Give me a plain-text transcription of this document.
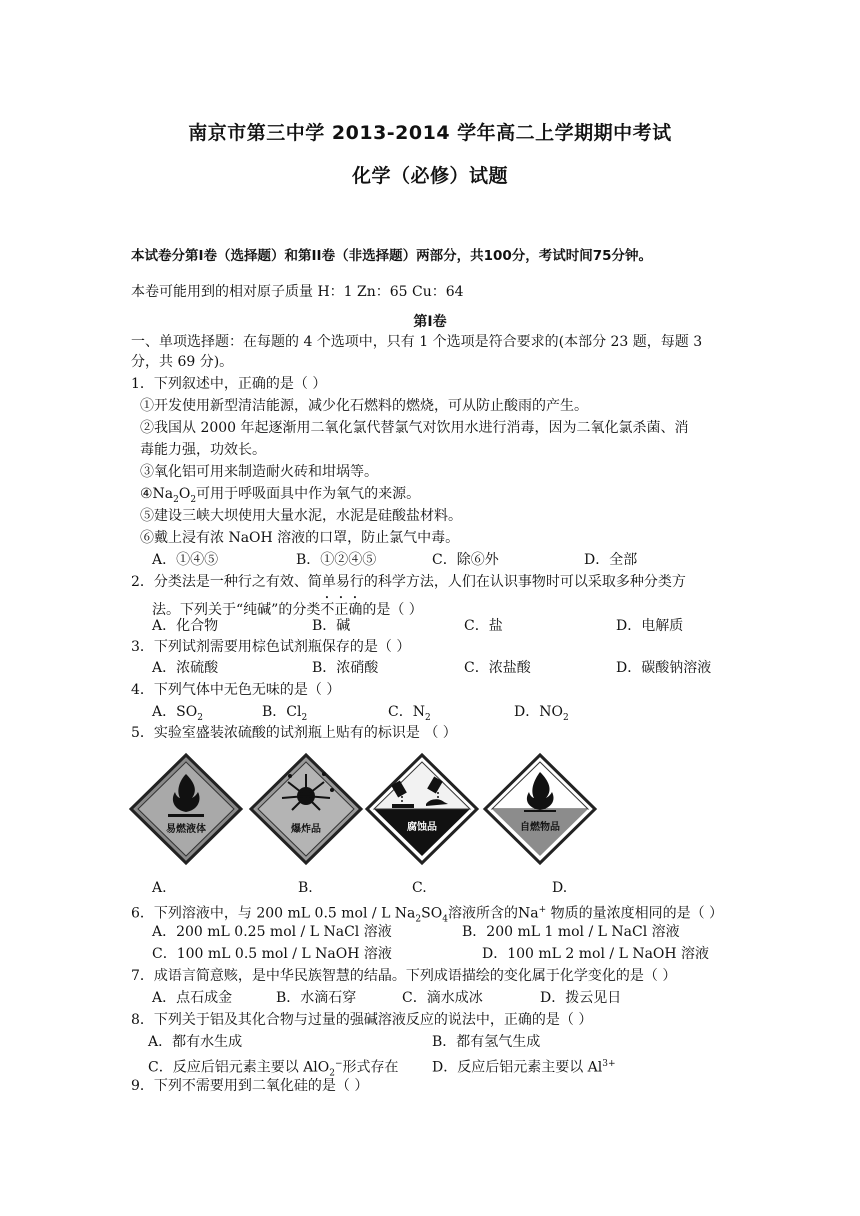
南京市第三中学 2013-2014 学年高二上学期期中考试
化学（必修）试题
本试卷分第Ⅰ卷（选择题）和第II卷（非选择题）两部分，共100分，考试时间75分钟。
本卷可能用到的相对原子质量 H：1 Zn：65 Cu：64
第Ⅰ卷
一、单项选择题：在每题的 4 个选项中，只有 1 个选项是符合要求的(本部分 23 题，每题 3
分，共 69 分)。
1．下列叙述中，正确的是（ ）
①开发使用新型清洁能源，减少化石燃料的燃烧，可从防止酸雨的产生。
②我国从 2000 年起逐渐用二氧化氯代替氯气对饮用水进行消毒，因为二氧化氯杀菌、消
毒能力强，功效长。
③氧化铝可用来制造耐火砖和坩埚等。
$④Na_2O_2$可用于呼吸面具中作为氧气的来源。
⑤建设三峡大坝使用大量水泥，水泥是硅酸盐材料。
⑥戴上浸有浓 NaOH 溶液的口罩，防止氯气中毒。
A．①④⑤	B．①②④⑤	C．除⑥外	D．全部
2．分类法是一种行之有效、简单易行的科学方法，人们在认识事物时可以采取多种分类方
法。下列关于“纯碱”的分类不正确的是（ ）
A．化合物	B．碱	C．盐	D．电解质
3．下列试剂需要用棕色试剂瓶保存的是（ ）
A．浓硫酸	B．浓硝酸	C．浓盐酸	D．碳酸钠溶液
4．下列气体中无色无味的是（ ）
A．$SO_2$	B．$Cl_2$	C．$N_2$	D．$NO_2$
5．实验室盛装浓硫酸的试剂瓶上贴有的标识是 （ ）
易燃液体	爆炸品	腐蚀品	自燃物品
A.	B.	C.	D.
6．下列溶液中，与 200 mL 0.5 mol / L $Na_2SO_4$溶液所含的Na+ 物质的量浓度相同的是（ ）
A．200 mL 0.25 mol / L NaCl 溶液	B．200 mL 1 mol / L NaCl 溶液
C．100 mL 0.5 mol / L NaOH 溶液	D．100 mL 2 mol / L NaOH 溶液
7．成语言简意赅，是中华民族智慧的结晶。下列成语描绘的变化属于化学变化的是（ ）
A．点石成金	B．水滴石穿	C．滴水成冰	D．拨云见日
8．下列关于铝及其化合物与过量的强碱溶液反应的说法中，正确的是（ ）
A．都有水生成	B．都有氢气生成
C．反应后铝元素主要以 AlO$_2$−形式存在 D．反应后铝元素主要以 $Al^{3+}$
9．下列不需要用到二氧化硅的是（ ）
